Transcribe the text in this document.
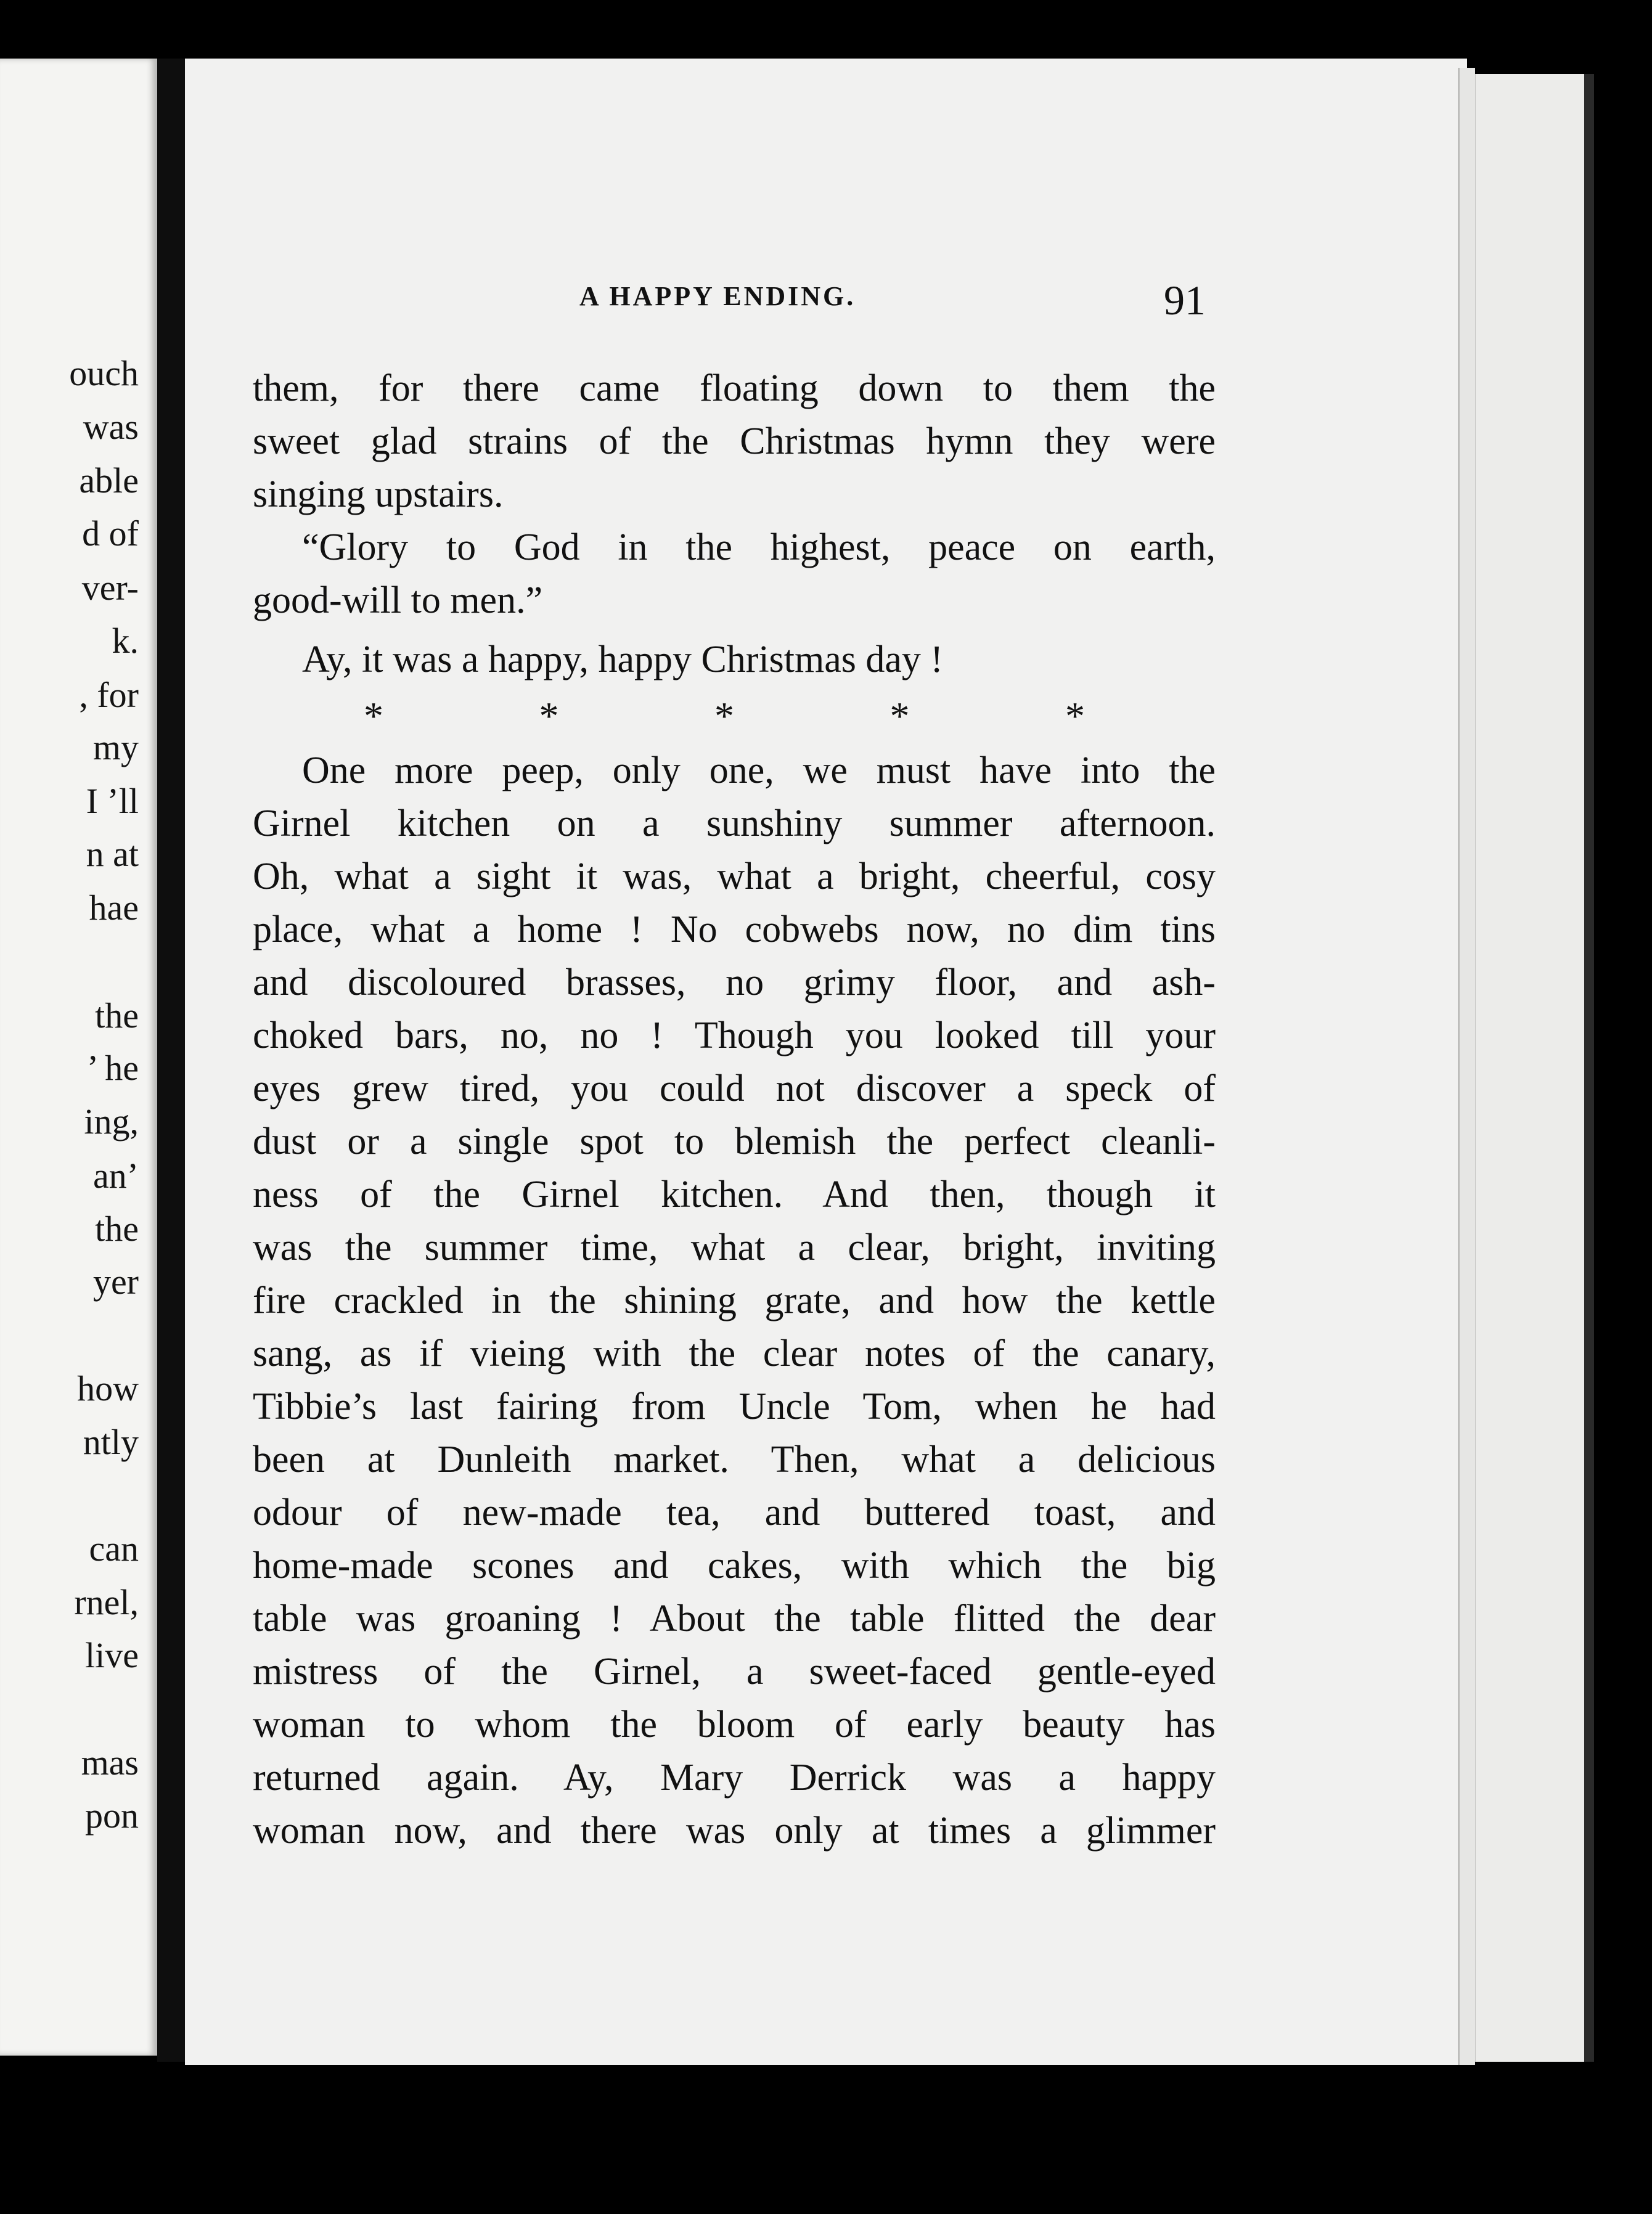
ouch
was
able
d of
ver-
k.
, for
my
I ’ll
n at
hae
the
’ he
ing,
an’
the
yer
how
ntly
can
rnel,
live
mas
pon
A HAPPY ENDING.	91
them, for there came floating down to them the
sweet glad strains of the Christmas hymn they were
singing upstairs.
“Glory to God in the highest, peace on earth,
good-will to men.”
Ay, it was a happy, happy Christmas day !
*	*	*	*	*
One more peep, only one, we must have into the
Girnel kitchen on a sunshiny summer afternoon.
Oh, what a sight it was, what a bright, cheerful, cosy
place, what a home ! No cobwebs now, no dim tins
and discoloured brasses, no grimy floor, and ash-
choked bars, no, no ! Though you looked till your
eyes grew tired, you could not discover a speck of
dust or a single spot to blemish the perfect cleanli-
ness of the Girnel kitchen. And then, though it
was the summer time, what a clear, bright, inviting
fire crackled in the shining grate, and how the kettle
sang, as if vieing with the clear notes of the canary,
Tibbie’s last fairing from Uncle Tom, when he had
been at Dunleith market. Then, what a delicious
odour of new-made tea, and buttered toast, and
home-made scones and cakes, with which the big
table was groaning ! About the table flitted the dear
mistress of the Girnel, a sweet-faced gentle-eyed
woman to whom the bloom of early beauty has
returned again. Ay, Mary Derrick was a happy
woman now, and there was only at times a glimmer
